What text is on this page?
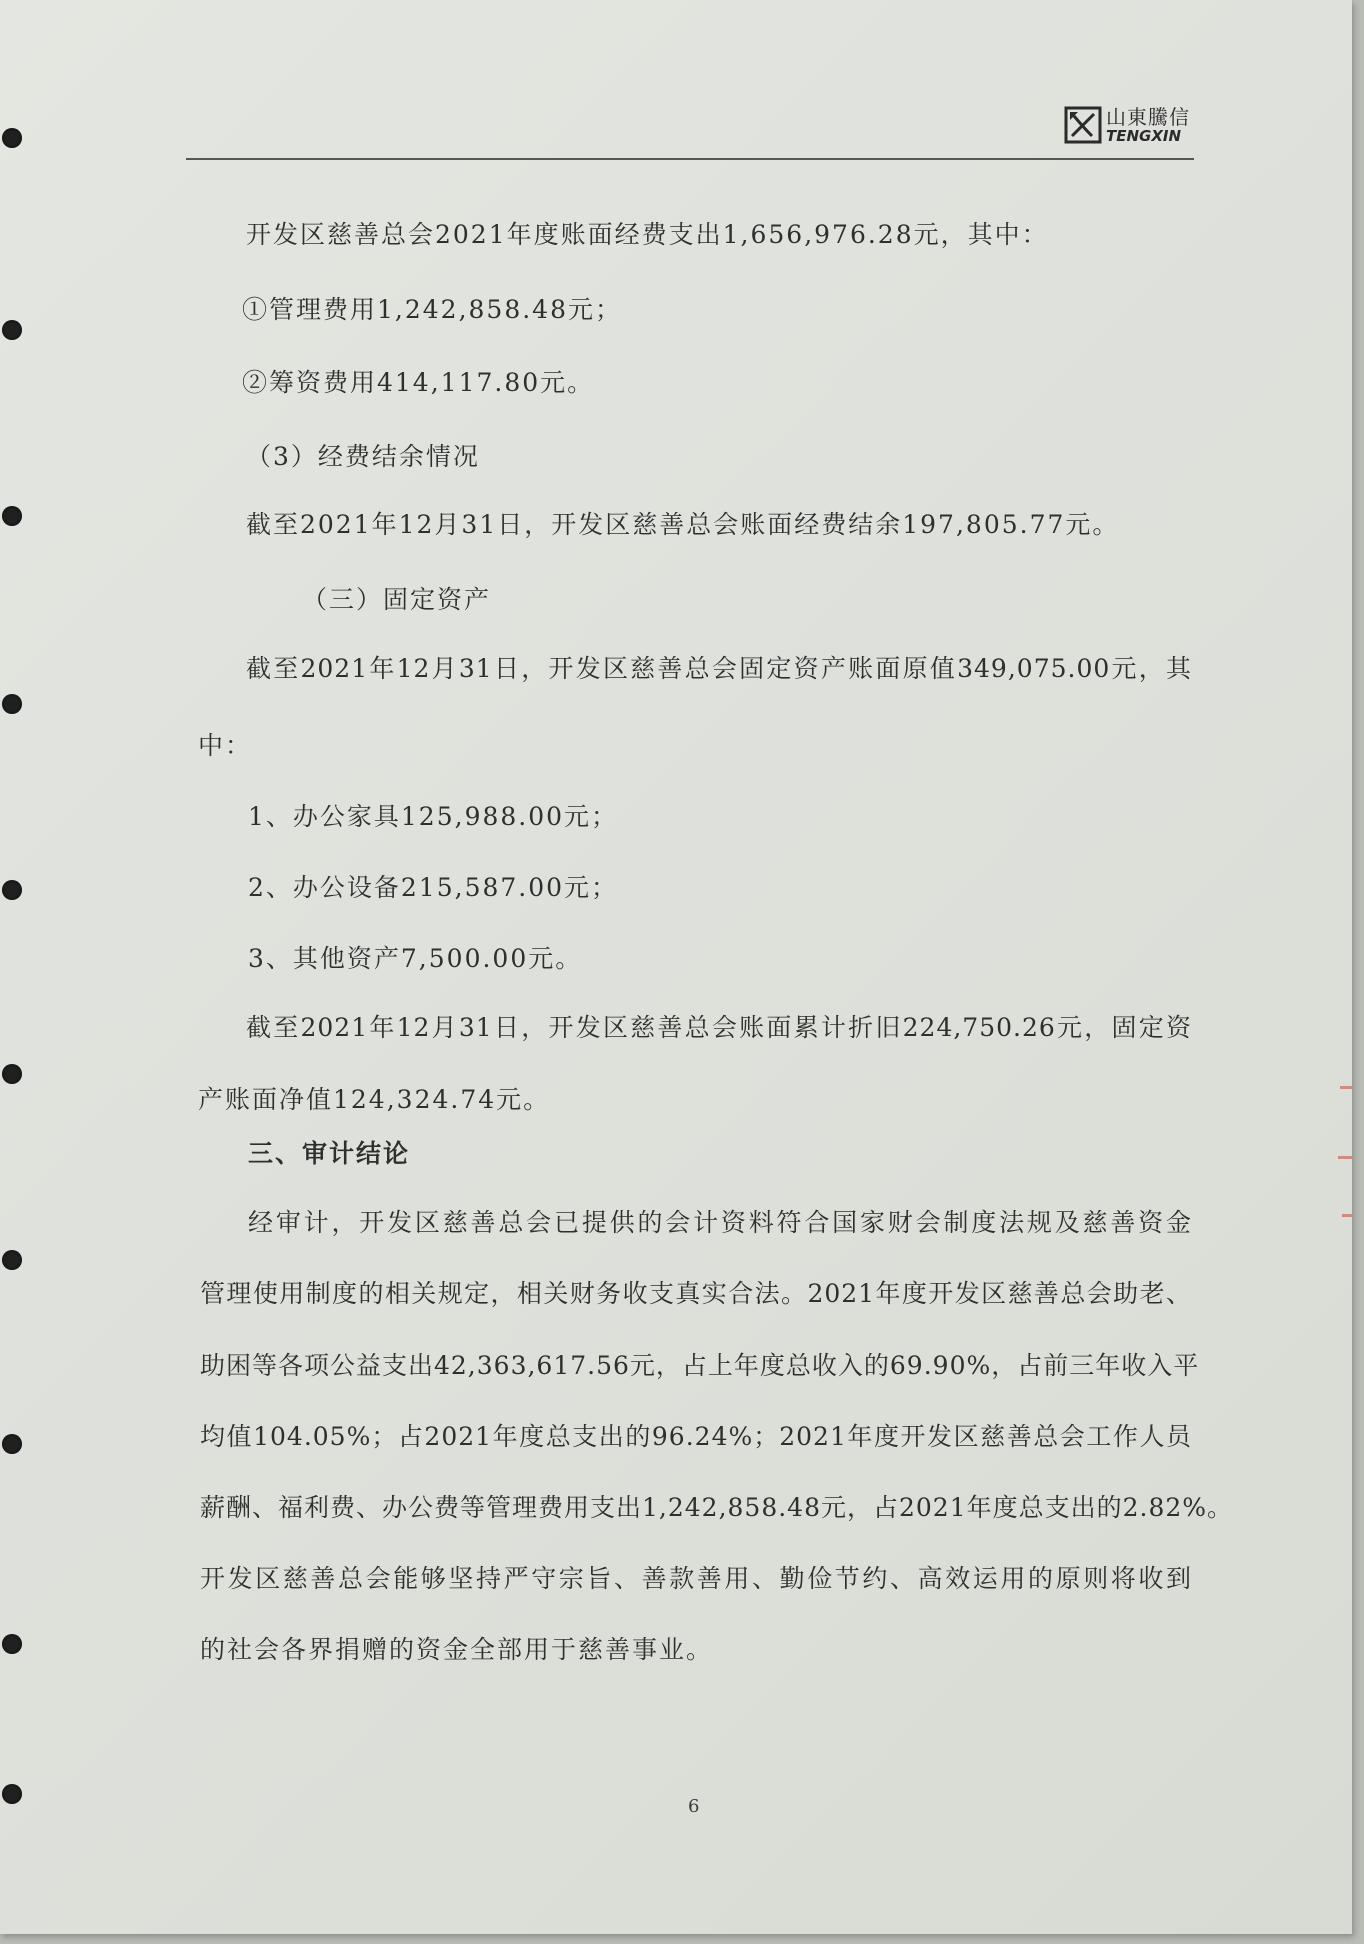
山東騰信
TENGXIN
开发区慈善总会2021年度账面经费支出1,656,976.28元，其中：
①管理费用1,242,858.48元；
②筹资费用414,117.80元。
（3）经费结余情况
截至2021年12月31日，开发区慈善总会账面经费结余197,805.77元。
（三）固定资产
截至2021年12月31日，开发区慈善总会固定资产账面原值349,075.00元，其
中：
1、办公家具125,988.00元；
2、办公设备215,587.00元；
3、其他资产7,500.00元。
截至2021年12月31日，开发区慈善总会账面累计折旧224,750.26元，固定资
产账面净值124,324.74元。
三、审计结论
经审计，开发区慈善总会已提供的会计资料符合国家财会制度法规及慈善资金
管理使用制度的相关规定，相关财务收支真实合法。2021年度开发区慈善总会助老、
助困等各项公益支出42,363,617.56元，占上年度总收入的69.90%，占前三年收入平
均值104.05%；占2021年度总支出的96.24%；2021年度开发区慈善总会工作人员
薪酬、福利费、办公费等管理费用支出1,242,858.48元，占2021年度总支出的2.82%。
开发区慈善总会能够坚持严守宗旨、善款善用、勤俭节约、高效运用的原则将收到
的社会各界捐赠的资金全部用于慈善事业。
6
